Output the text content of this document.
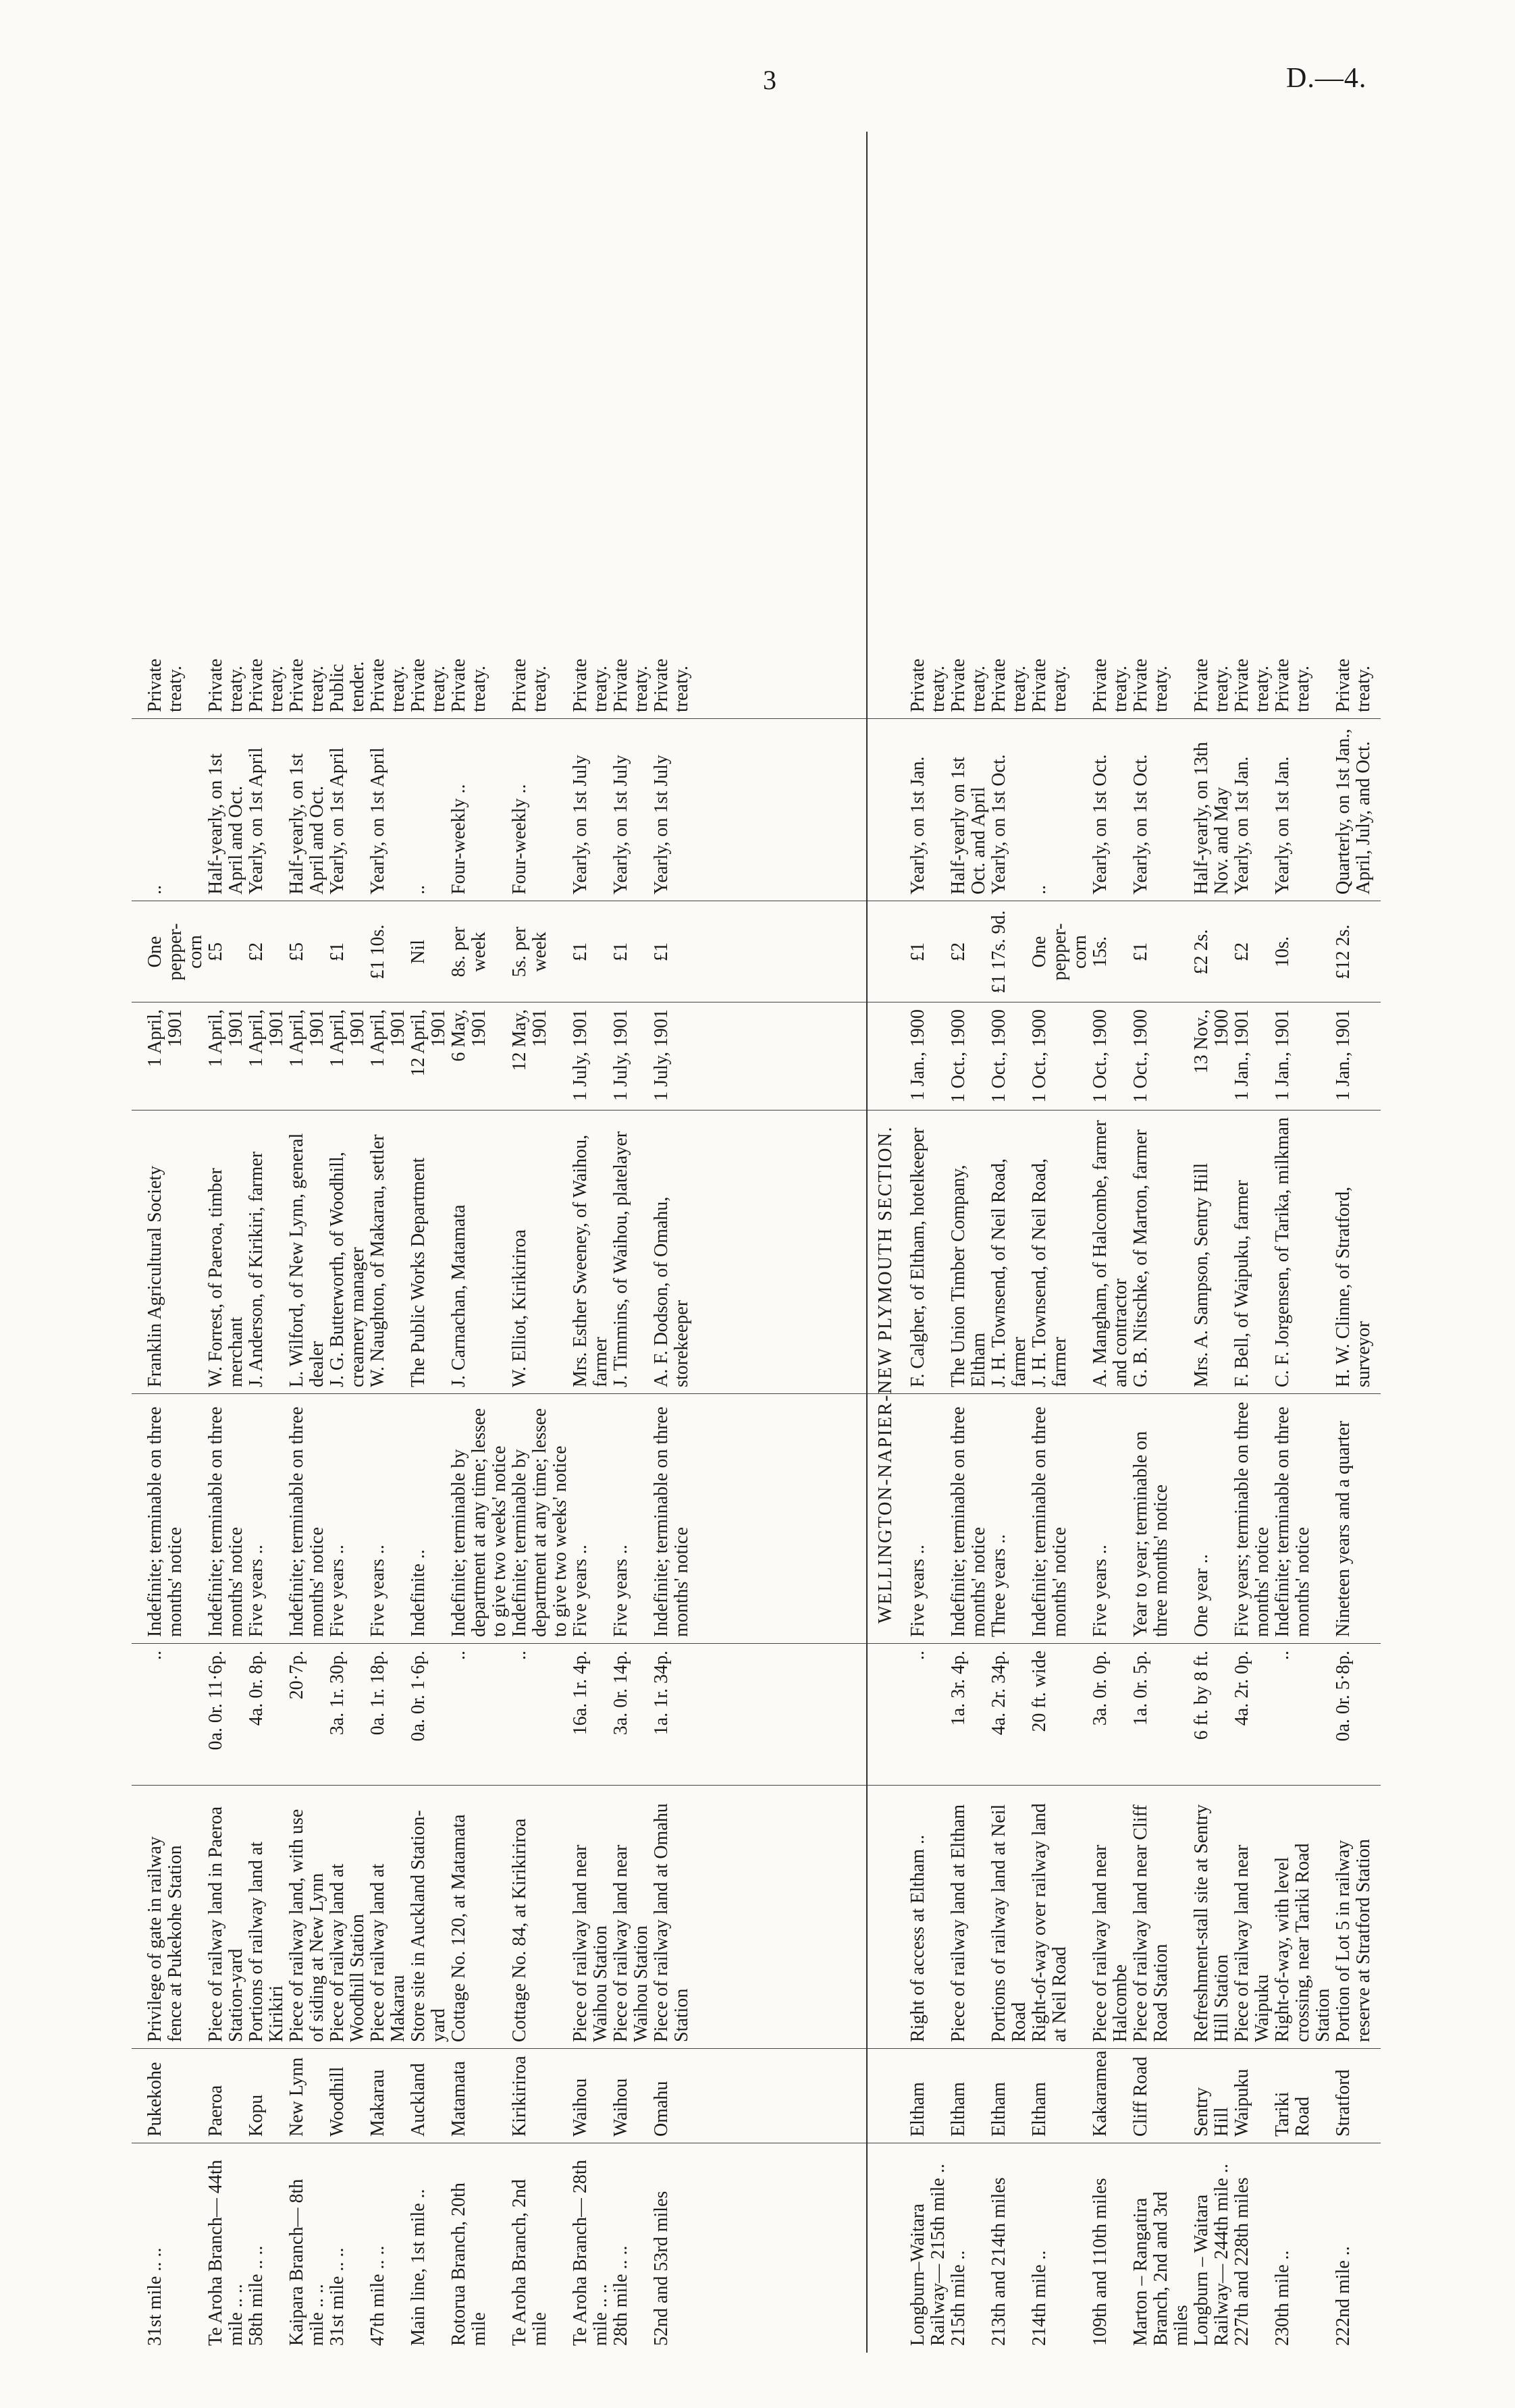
3	D.—4.
31st mile .. ..
Pukekohe
Privilege of gate in railway fence at Pukekohe Station
..
Indefinite; terminable on three months' notice
Franklin Agricultural Society
1 April, 1901
One pepper-corn
..
Private treaty.
Te Aroha Branch— 44th mile .. ..
Paeroa
Piece of railway land in Paeroa Station-yard
0a. 0r. 11·6p.
Indefinite; terminable on three months' notice
W. Forrest, of Paeroa, timber merchant
1 April, 1901
£5
Half-yearly, on 1st April and Oct.
Private treaty.
58th mile .. ..
Kopu
Portions of railway land at Kirikiri
4a. 0r. 8p.
Five years ..
J. Anderson, of Kirikiri, farmer
1 April, 1901
£2
Yearly, on 1st April
Private treaty.
Kaipara Branch— 8th mile .. ..
New Lynn
Piece of railway land, with use of siding at New Lynn
20·7p.
Indefinite; terminable on three months' notice
L. Wilford, of New Lynn, general dealer
1 April, 1901
£5
Half-yearly, on 1st April and Oct.
Private treaty.
31st mile .. ..
Woodhill
Piece of railway land at Woodhill Station
3a. 1r. 30p.
Five years ..
J. G. Butterworth, of Woodhill, creamery manager
1 April, 1901
£1
Yearly, on 1st April
Public tender.
47th mile .. ..
Makarau
Piece of railway land at Makarau
0a. 1r. 18p.
Five years ..
W. Naughton, of Makarau, settler
1 April, 1901
£1 10s.
Yearly, on 1st April
Private treaty.
Main line, 1st mile ..
Auckland
Store site in Auckland Station-yard
0a. 0r. 1·6p.
Indefinite ..
The Public Works Department
12 April, 1901
Nil
..
Private treaty.
Rotorua Branch, 20th mile
Matamata
Cottage No. 120, at Matamata
..
Indefinite; terminable by department at any time; lessee to give two weeks' notice
J. Carnachan, Matamata
6 May, 1901
8s. per week
Four-weekly ..
Private treaty.
Te Aroha Branch, 2nd mile
Kirikiriroa
Cottage No. 84, at Kirikiriroa
..
Indefinite; terminable by department at any time; lessee to give two weeks' notice
W. Elliot, Kirikiriroa
12 May, 1901
5s. per week
Four-weekly ..
Private treaty.
Te Aroha Branch— 28th mile .. ..
Waihou
Piece of railway land near Waihou Station
16a. 1r. 4p.
Five years ..
Mrs. Esther Sweeney, of Waihou, farmer
1 July, 1901
£1
Yearly, on 1st July
Private treaty.
28th mile .. ..
Waihou
Piece of railway land near Waihou Station
3a. 0r. 14p.
Five years ..
J. Timmins, of Waihou, platelayer
1 July, 1901
£1
Yearly, on 1st July
Private treaty.
52nd and 53rd miles
Omahu
Piece of railway land at Omahu Station
1a. 1r. 34p.
Indefinite; terminable on three months' notice
A. F. Dodson, of Omahu, storekeeper
1 July, 1901
£1
Yearly, on 1st July
Private treaty.
WELLINGTON-NAPIER-NEW PLYMOUTH SECTION.
Longburn–Waitara Railway— 215th mile ..
Eltham
Right of access at Eltham ..
..
Five years ..
F. Calgher, of Eltham, hotelkeeper
1 Jan., 1900
£1
Yearly, on 1st Jan.
Private treaty.
215th mile ..
Eltham
Piece of railway land at Eltham
1a. 3r. 4p.
Indefinite; terminable on three months' notice
The Union Timber Company, Eltham
1 Oct., 1900
£2
Half-yearly on 1st Oct. and April
Private treaty.
213th and 214th miles
Eltham
Portions of railway land at Neil Road
4a. 2r. 34p.
Three years ..
J. H. Townsend, of Neil Road, farmer
1 Oct., 1900
£1 17s. 9d.
Yearly, on 1st Oct.
Private treaty.
214th mile ..
Eltham
Right-of-way over railway land at Neil Road
20 ft. wide
Indefinite; terminable on three months' notice
J. H. Townsend, of Neil Road, farmer
1 Oct., 1900
One pepper-corn
..
Private treaty.
109th and 110th miles
Kakaramea
Piece of railway land near Halcombe
3a. 0r. 0p.
Five years ..
A. Mangham, of Halcombe, farmer and contractor
1 Oct., 1900
15s.
Yearly, on 1st Oct.
Private treaty.
Marton – Rangatira Branch, 2nd and 3rd miles
Cliff Road
Piece of railway land near Cliff Road Station
1a. 0r. 5p.
Year to year; terminable on three months' notice
G. B. Nitschke, of Marton, farmer
1 Oct., 1900
£1
Yearly, on 1st Oct.
Private treaty.
Longburn – Waitara Railway— 244th mile ..
Sentry Hill
Refreshment-stall site at Sentry Hill Station
6 ft. by 8 ft.
One year ..
Mrs. A. Sampson, Sentry Hill
13 Nov., 1900
£2 2s.
Half-yearly, on 13th Nov. and May
Private treaty.
227th and 228th miles
Waipuku
Piece of railway land near Waipuku
4a. 2r. 0p.
Five years; terminable on three months' notice
F. Bell, of Waipuku, farmer
1 Jan., 1901
£2
Yearly, on 1st Jan.
Private treaty.
230th mile ..
Tariki Road
Right-of-way, with level crossing, near Tariki Road Station
..
Indefinite; terminable on three months' notice
C. F. Jorgensen, of Tarika, milkman
1 Jan., 1901
10s.
Yearly, on 1st Jan.
Private treaty.
222nd mile ..
Stratford
Portion of Lot 5 in railway reserve at Stratford Station
0a. 0r. 5·8p.
Nineteen years and a quarter
H. W. Clinne, of Stratford, surveyor
1 Jan., 1901
£12 2s.
Quarterly, on 1st Jan., April, July, and Oct.
Private treaty.
